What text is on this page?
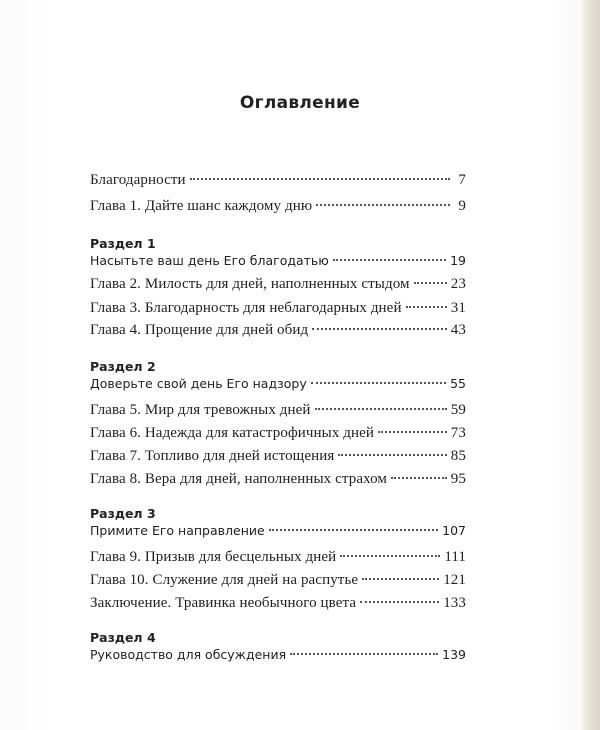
Оглавление
Благодарности	7
Глава 1. Дайте шанс каждому дню	9
Раздел 1
Насытьте ваш день Его благодатью	19
Глава 2. Милость для дней, наполненных стыдом	23
Глава 3. Благодарность для неблагодарных дней	31
Глава 4. Прощение для дней обид	43
Раздел 2
Доверьте свой день Его надзору	55
Глава 5. Мир для тревожных дней	59
Глава 6. Надежда для катастрофичных дней	73
Глава 7. Топливо для дней истощения	85
Глава 8. Вера для дней, наполненных страхом	95
Раздел 3
Примите Его направление	107
Глава 9. Призыв для бесцельных дней	111
Глава 10. Служение для дней на распутье	121
Заключение. Травинка необычного цвета	133
Раздел 4
Руководство для обсуждения	139
